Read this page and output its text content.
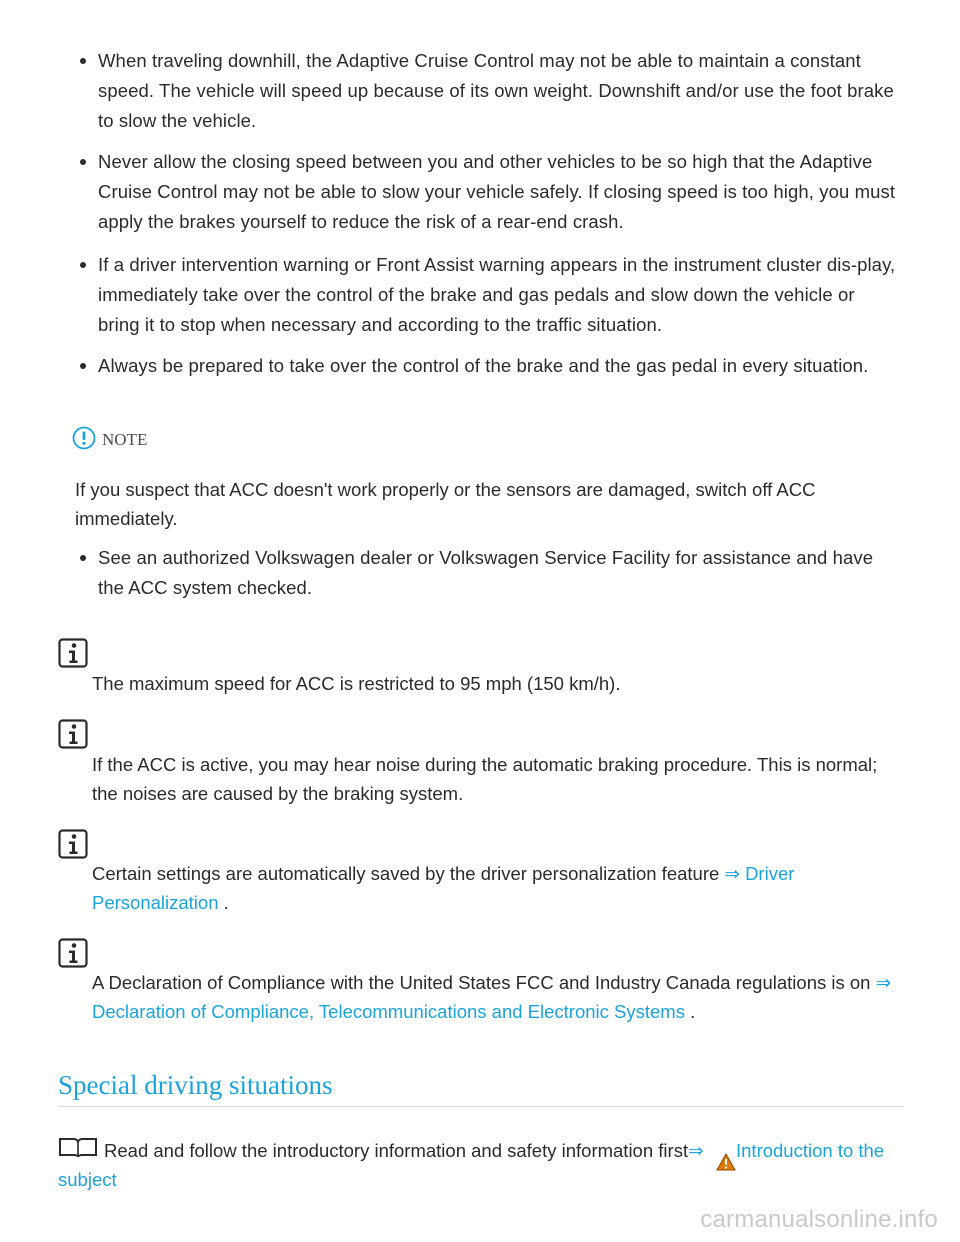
When traveling downhill, the Adaptive Cruise Control may not be able to maintain a constant speed. The vehicle will speed up because of its own weight. Downshift and/or use the foot brake to slow the vehicle.
Never allow the closing speed between you and other vehicles to be so high that the Adaptive Cruise Control may not be able to slow your vehicle safely. If closing speed is too high, you must apply the brakes yourself to reduce the risk of a rear-end crash.
If a driver intervention warning or Front Assist warning appears in the instrument cluster dis-play, immediately take over the control of the brake and gas pedals and slow down the vehicle or bring it to stop when necessary and according to the traffic situation.
Always be prepared to take over the control of the brake and the gas pedal in every situation.
NOTE

If you suspect that ACC doesn't work properly or the sensors are damaged, switch off ACC immediately.

See an authorized Volkswagen dealer or Volkswagen Service Facility for assistance and have the ACC system checked.

The maximum speed for ACC is restricted to 95 mph (150 km/h).

If the ACC is active, you may hear noise during the automatic braking procedure. This is normal; the noises are caused by the braking system.

Certain settings are automatically saved by the driver personalization feature ⇒ Driver Personalization .

A Declaration of Compliance with the United States FCC and Industry Canada regulations is on ⇒ Declaration of Compliance, Telecommunications and Electronic Systems .

Special driving situations

Read and follow the introductory information and safety information first⇒	Introduction to the subject

carmanualsonline.info
